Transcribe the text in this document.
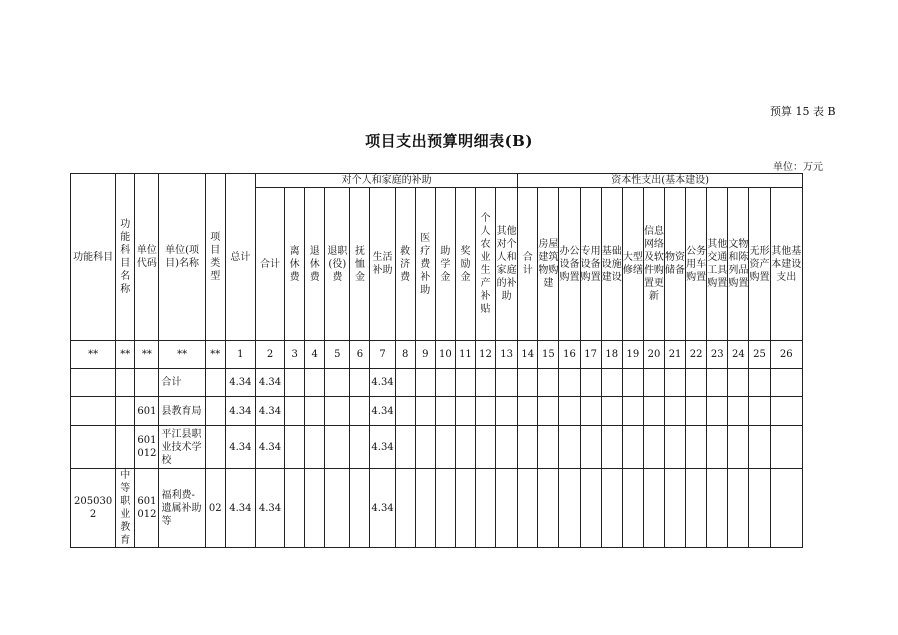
预算 15 表 B
项目支出预算明细表(B)
单位：万元
功能科目	功能科目名称	单位代码	单位(项目)名称	项目类型	总计	对个人和家庭的补助												资本性支出(基本建设)												
						合计	离休费	退休费	退职(役)费	抚恤金	生活补助	救济费	医疗费补助	助学金	奖励金	个人农业生产补贴	其他对个人和家庭的补助	合计	房屋建筑物购建	办公设备购置	专用设备购置	基础设施建设	大型修缮	信息网络及软件购置更新	物资储备	公务用车购置	其他交通工具购置	文物和陈列品购置	无形资产购置	其他基本建设支出
**	**	**	**	**	1	2	3	4	5	6	7	8	9	10	11	12	13	14	15	16	17	18	19	20	21	22	23	24	25	26
			合计		4.34	4.34					4.34																			
		601	县教育局		4.34	4.34					4.34																			
		601012	平江县职业技术学校		4.34	4.34					4.34																			
2050302	中等职业教育	601012	福利费-遗属补助等	02	4.34	4.34					4.34																			
